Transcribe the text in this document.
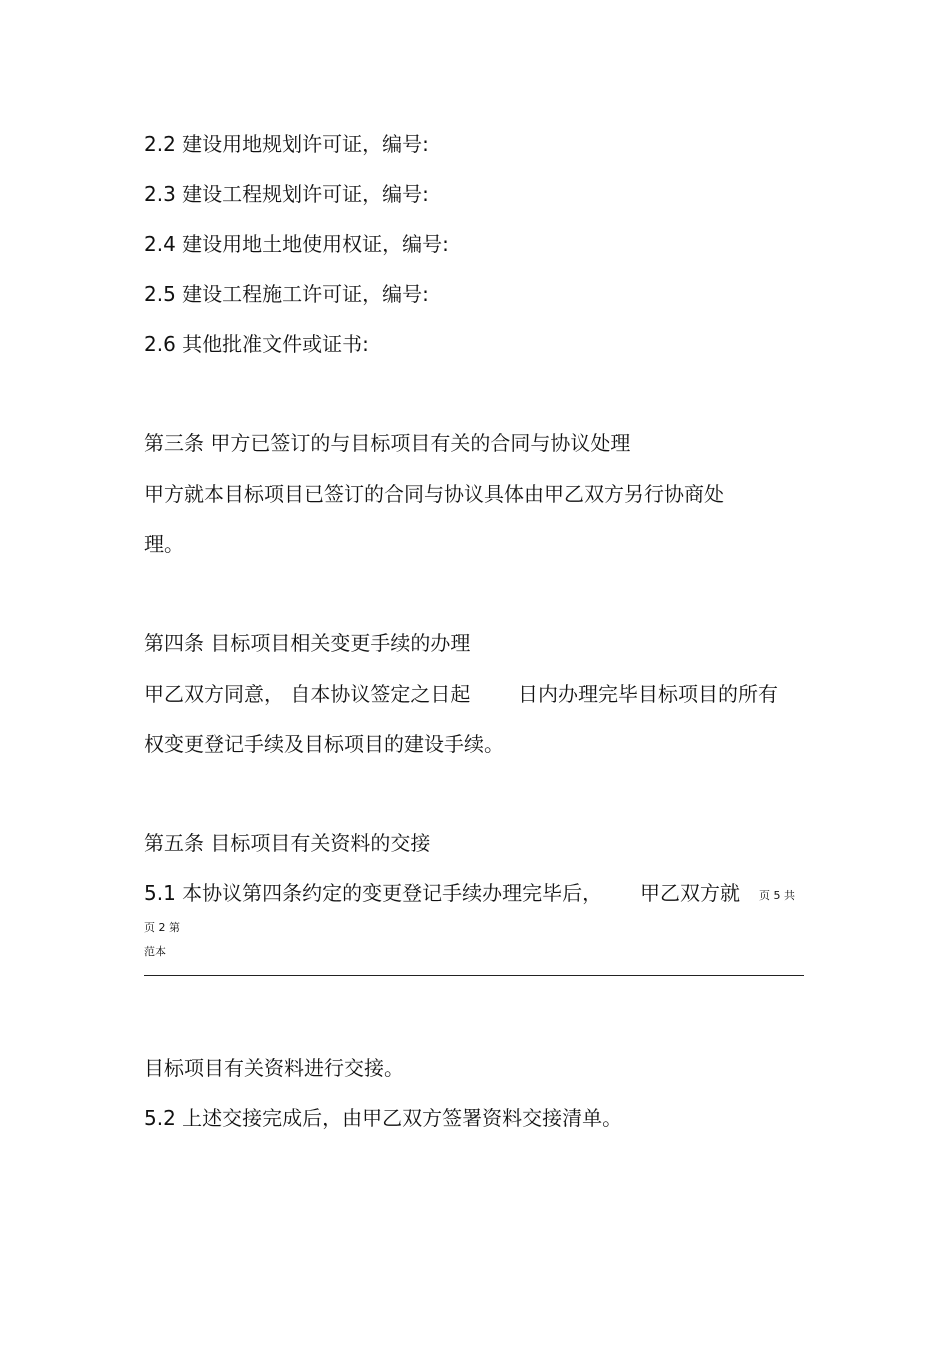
2.2 建设用地规划许可证，编号:

2.3 建设工程规划许可证，编号:

2.4 建设用地土地使用权证，编号:

2.5 建设工程施工许可证，编号:

2.6 其他批准文件或证书:

第三条 甲方已签订的与目标项目有关的合同与协议处理

甲方就本目标项目已签订的合同与协议具体由甲乙双方另行协商处

理。

第四条 目标项目相关变更手续的办理

甲乙双方同意， 自本协议签定之日起 日内办理完毕目标项目的所有

权变更登记手续及目标项目的建设手续。

第五条 目标项目有关资料的交接

5.1 本协议第四条约定的变更登记手续办理完毕后， 甲乙双方就 页 5 共
页 2 第
范本

目标项目有关资料进行交接。

5.2 上述交接完成后，由甲乙双方签署资料交接清单。
